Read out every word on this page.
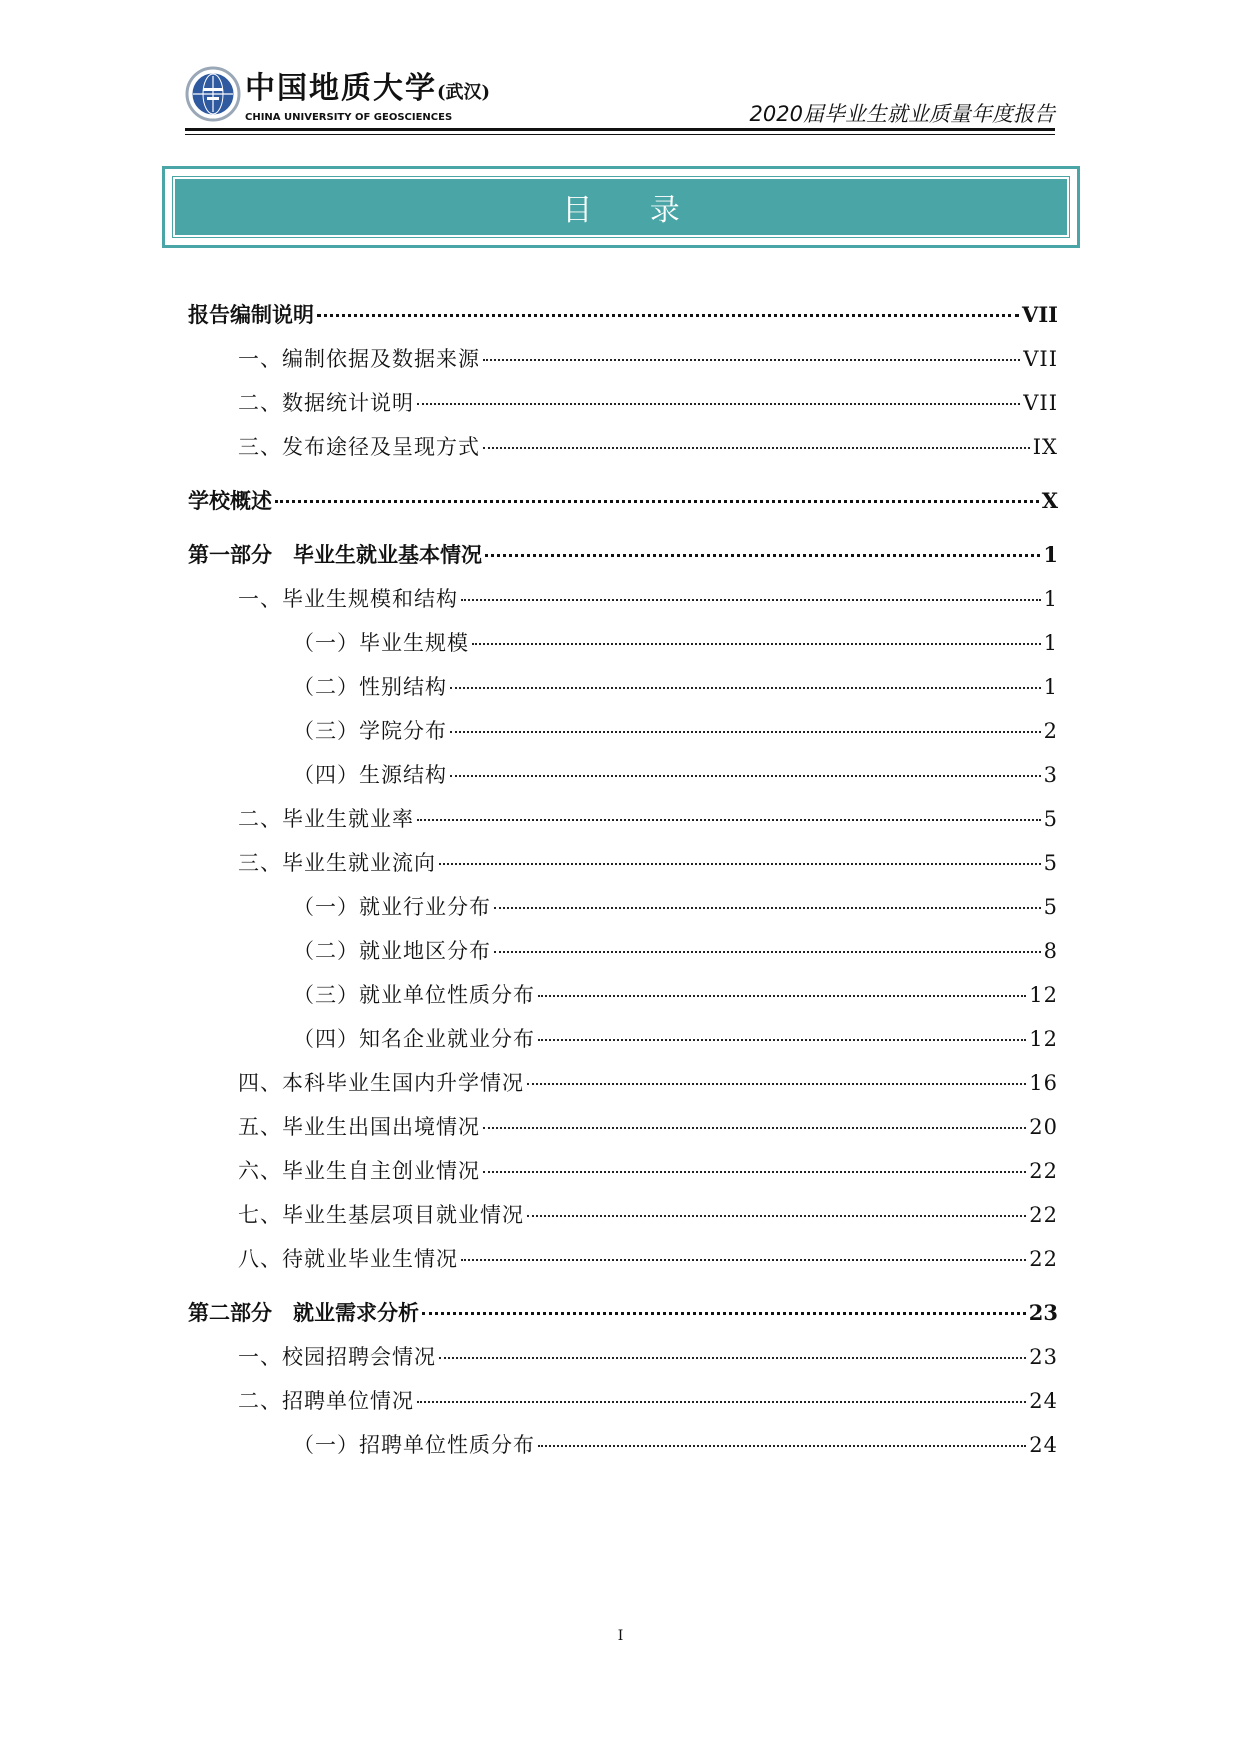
中国地质大学(武汉)
CHINA UNIVERSITY OF GEOSCIENCES	2020届毕业生就业质量年度报告
目 录
报告编制说明	VII
一、编制依据及数据来源	VII
二、数据统计说明	VII
三、发布途径及呈现方式	IX
学校概述	X
第一部分　毕业生就业基本情况	1
一、毕业生规模和结构	1
（一）毕业生规模	1
（二）性别结构	1
（三）学院分布	2
（四）生源结构	3
二、毕业生就业率	5
三、毕业生就业流向	5
（一）就业行业分布	5
（二）就业地区分布	8
（三）就业单位性质分布	12
（四）知名企业就业分布	12
四、本科毕业生国内升学情况	16
五、毕业生出国出境情况	20
六、毕业生自主创业情况	22
七、毕业生基层项目就业情况	22
八、待就业毕业生情况	22
第二部分　就业需求分析	23
一、校园招聘会情况	23
二、招聘单位情况	24
（一）招聘单位性质分布	24
I
